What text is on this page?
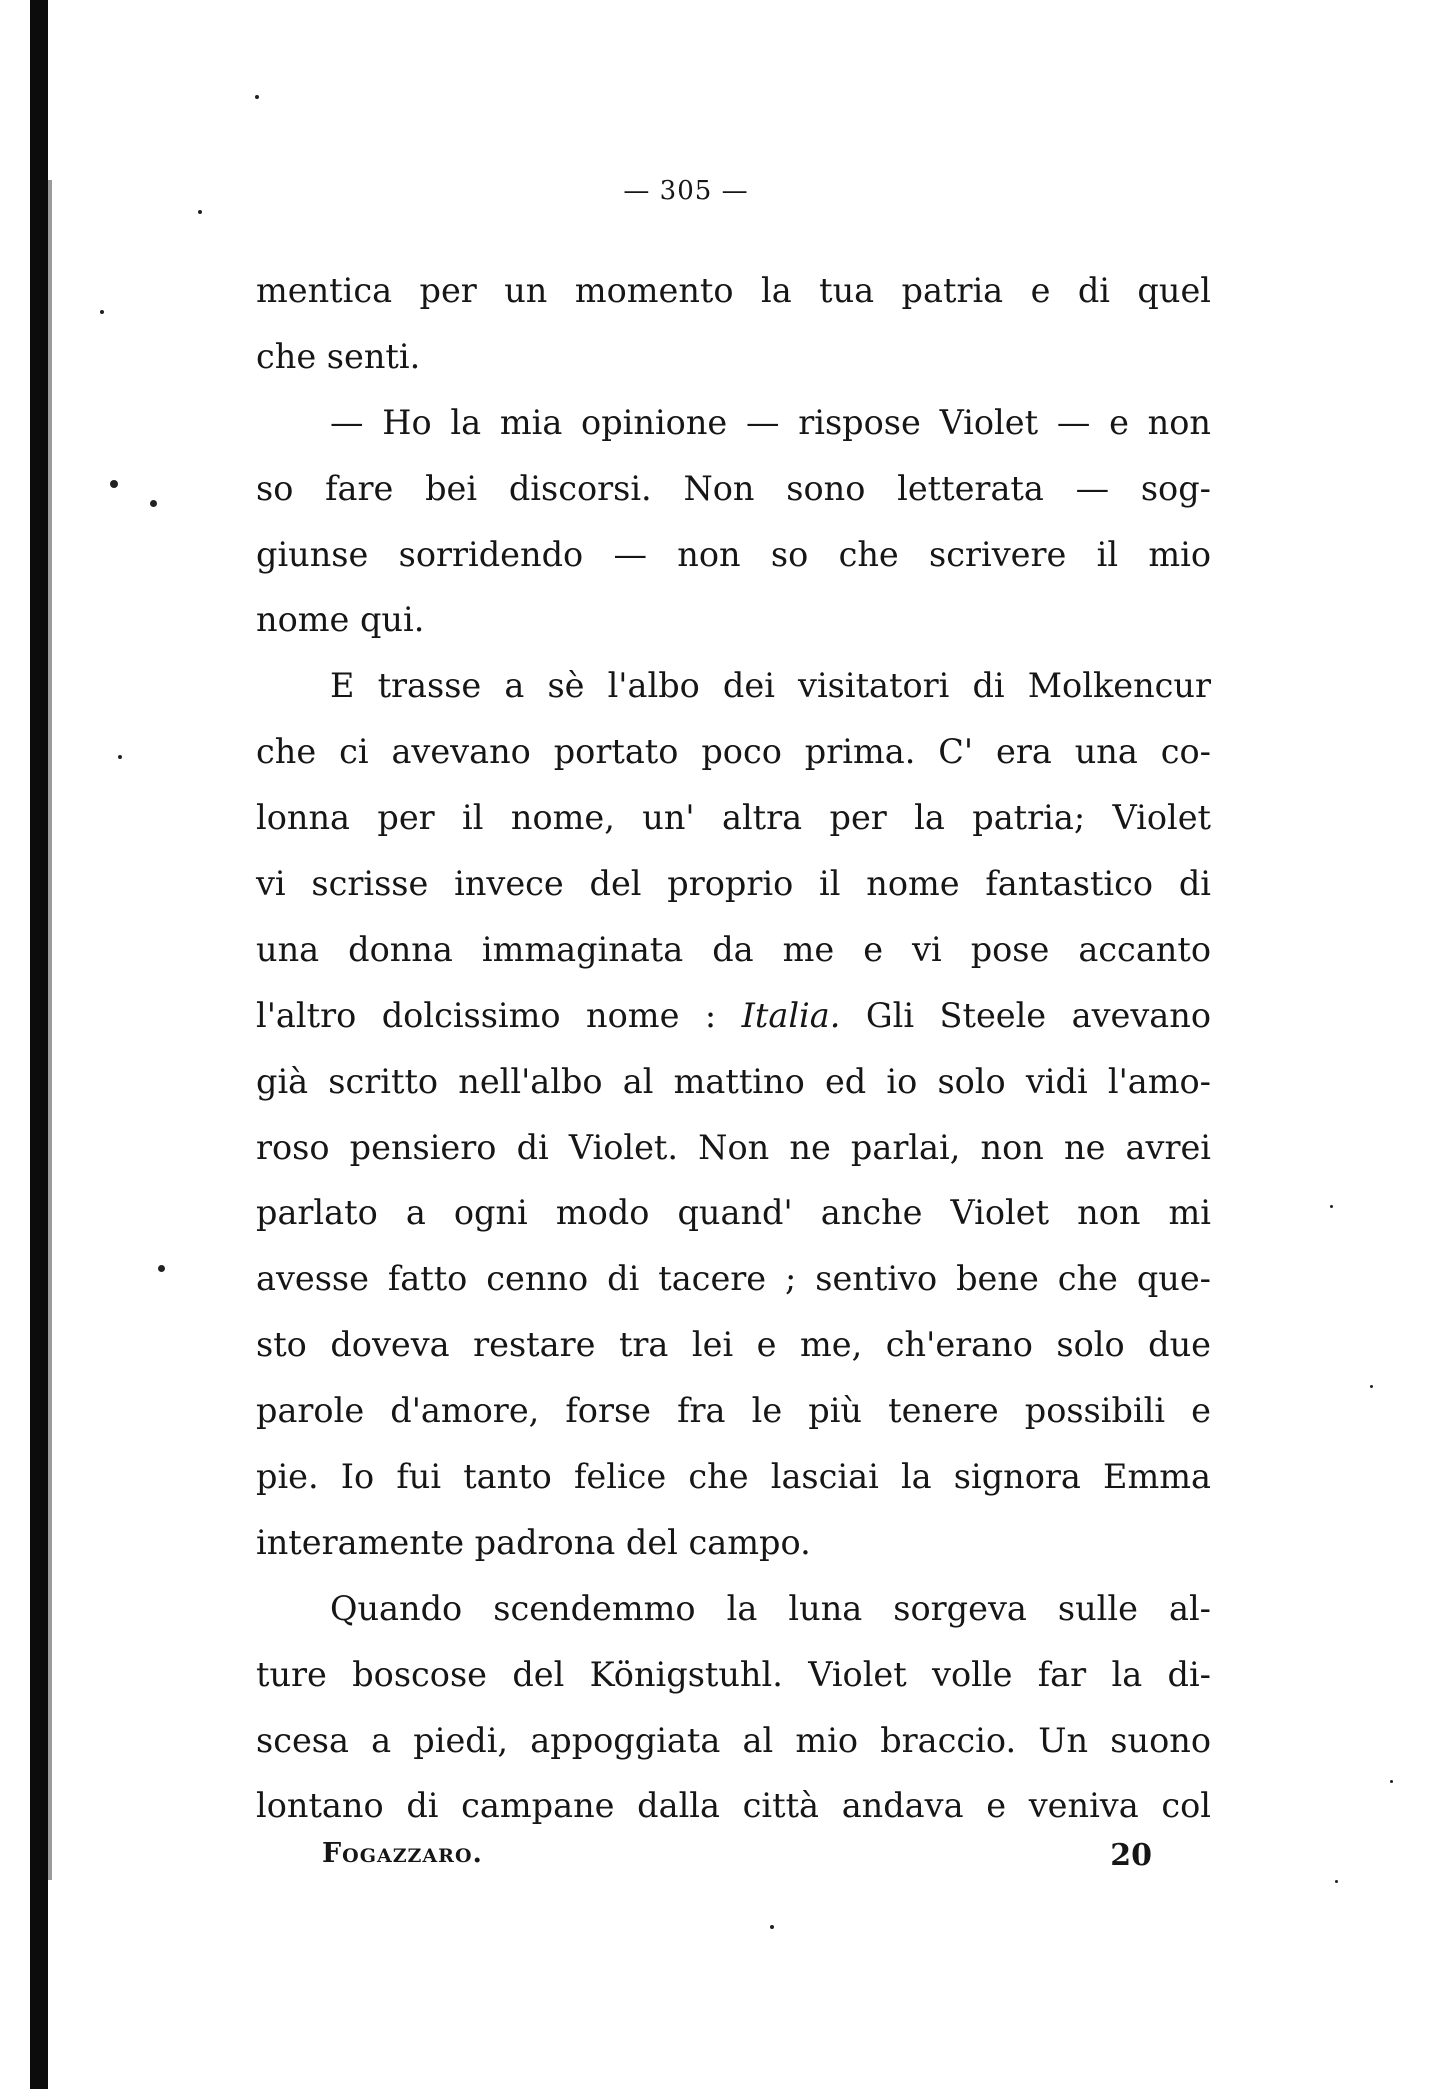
— 305 —
mentica per un momento la tua patria e di quel
che senti.
— Ho la mia opinione — rispose Violet — e non
so fare bei discorsi. Non sono letterata — sog-
giunse sorridendo — non so che scrivere il mio
nome qui.
E trasse a sè l'albo dei visitatori di Molkencur
che ci avevano portato poco prima. C' era una co-
lonna per il nome, un' altra per la patria; Violet
vi scrisse invece del proprio il nome fantastico di
una donna immaginata da me e vi pose accanto
l'altro dolcissimo nome : Italia. Gli Steele avevano
già scritto nell'albo al mattino ed io solo vidi l'amo-
roso pensiero di Violet. Non ne parlai, non ne avrei
parlato a ogni modo quand' anche Violet non mi
avesse fatto cenno di tacere ; sentivo bene che que-
sto doveva restare tra lei e me, ch'erano solo due
parole d'amore, forse fra le più tenere possibili e
pie. Io fui tanto felice che lasciai la signora Emma
interamente padrona del campo.
Quando scendemmo la luna sorgeva sulle al-
ture boscose del Königstuhl. Violet volle far la di-
scesa a piedi, appoggiata al mio braccio. Un suono
lontano di campane dalla città andava e veniva col
Fogazzaro.	20
